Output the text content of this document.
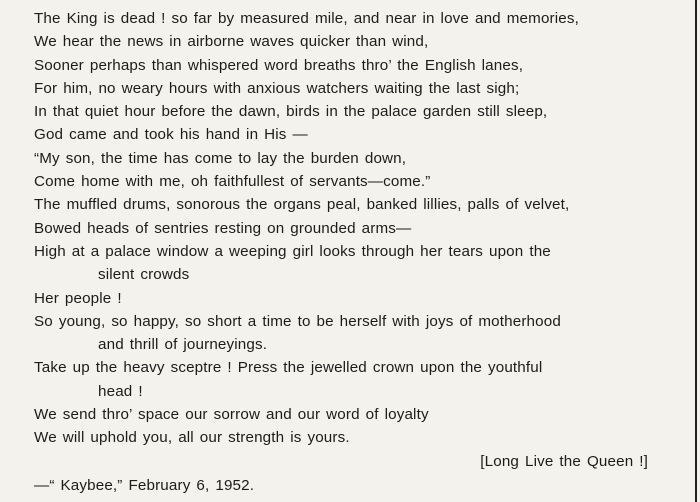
The King is dead ! so far by measured mile, and near in love and memories,
We hear the news in airborne waves quicker than wind,
Sooner perhaps than whispered word breaths thro’ the English lanes,
For him, no weary hours with anxious watchers waiting the last sigh;
In that quiet hour before the dawn, birds in the palace garden still sleep,
God came and took his hand in His —
“My son, the time has come to lay the burden down,
Come home with me, oh faithfullest of servants—come.”
The muffled drums, sonorous the organs peal, banked lillies, palls of velvet,
Bowed heads of sentries resting on grounded arms—
High at a palace window a weeping girl looks through her tears upon the
silent crowds
Her people !
So young, so happy, so short a time to be herself with joys of motherhood
and thrill of journeyings.
Take up the heavy sceptre ! Press the jewelled crown upon the youthful
head !
We send thro’ space our sorrow and our word of loyalty
We will uphold you, all our strength is yours.
[Long Live the Queen !]
—“ Kaybee,” February 6, 1952.
